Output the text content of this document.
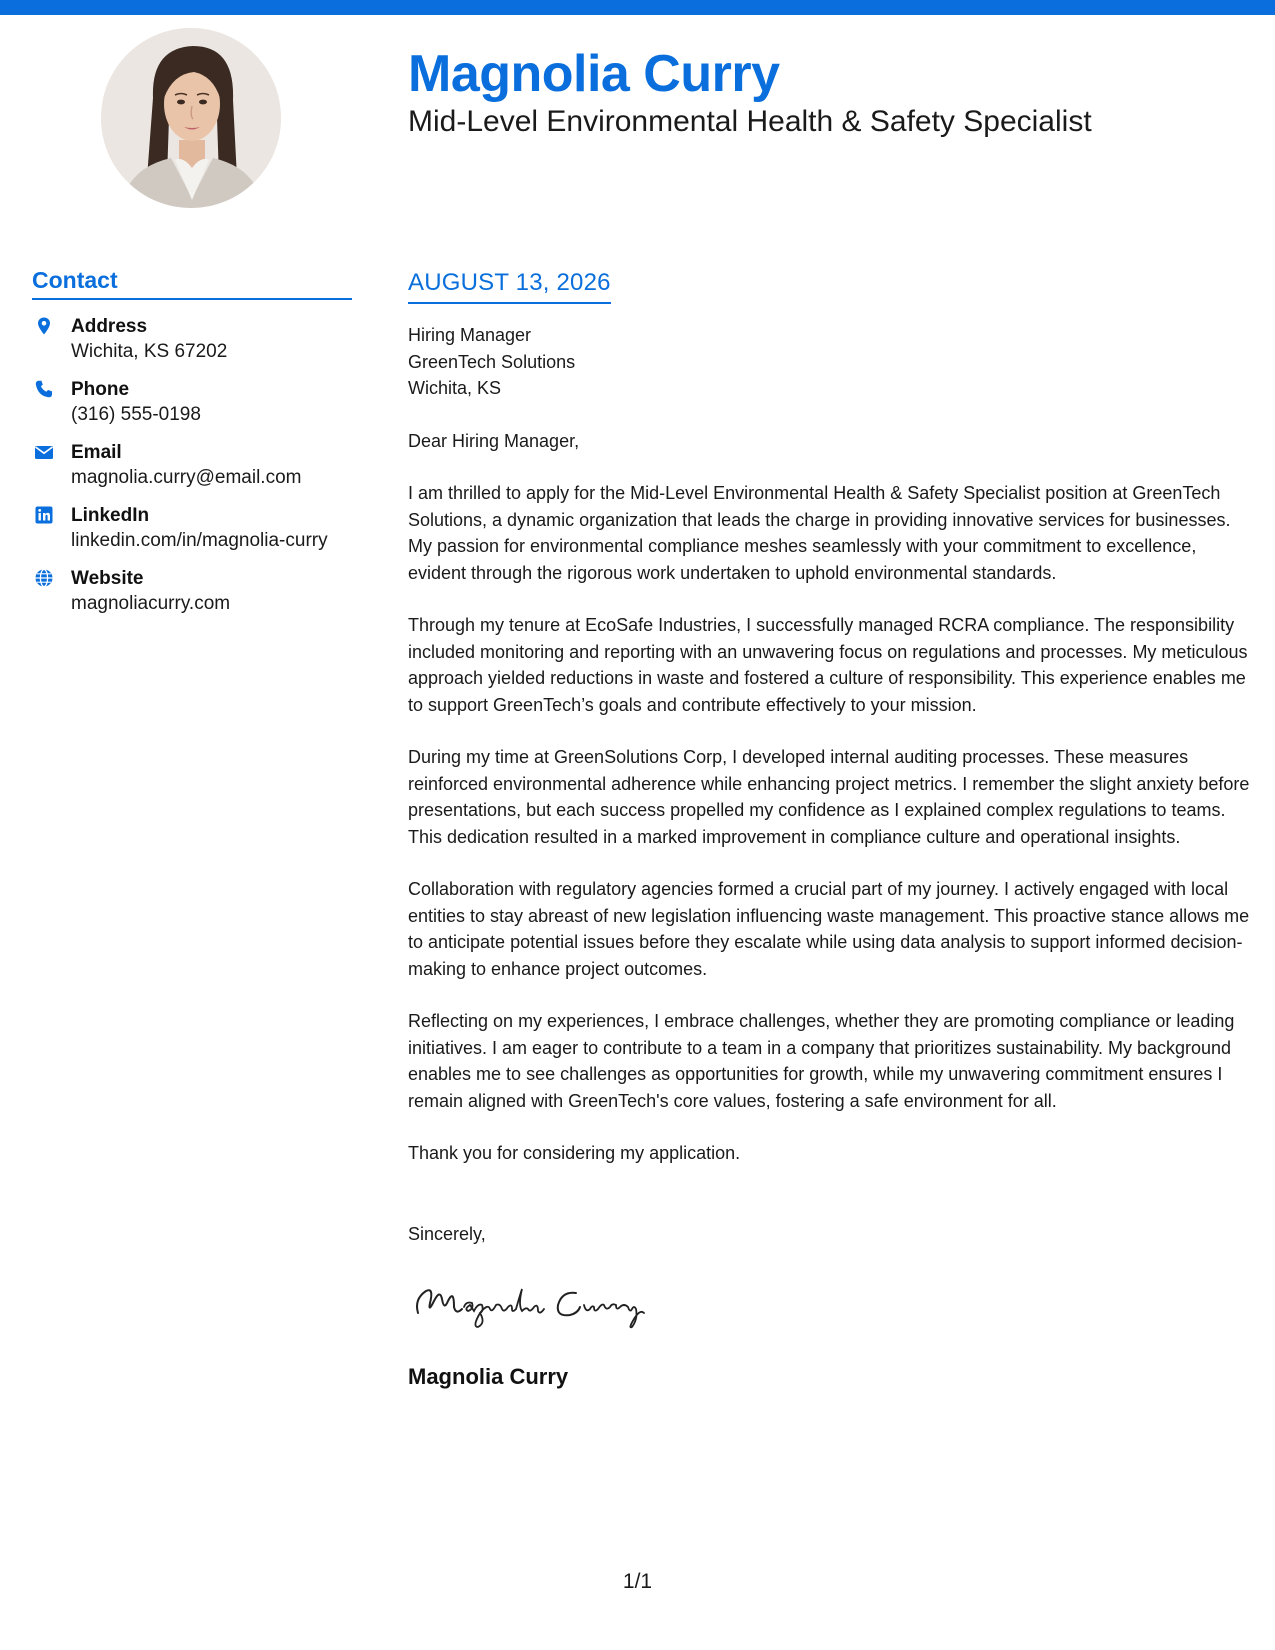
Magnolia Curry
Mid-Level Environmental Health & Safety Specialist
Contact
Address
Wichita, KS 67202
Phone
(316) 555-0198
Email
magnolia.curry@email.com
LinkedIn
linkedin.com/in/magnolia-curry
Website
magnoliacurry.com
AUGUST 13, 2026
Hiring Manager
GreenTech Solutions
Wichita, KS
Dear Hiring Manager,

I am thrilled to apply for the Mid-Level Environmental Health & Safety Specialist position at GreenTech Solutions, a dynamic organization that leads the charge in providing innovative services for businesses. My passion for environmental compliance meshes seamlessly with your commitment to excellence, evident through the rigorous work undertaken to uphold environmental standards.

Through my tenure at EcoSafe Industries, I successfully managed RCRA compliance. The responsibility included monitoring and reporting with an unwavering focus on regulations and processes. My meticulous approach yielded reductions in waste and fostered a culture of responsibility. This experience enables me to support GreenTech’s goals and contribute effectively to your mission.

During my time at GreenSolutions Corp, I developed internal auditing processes. These measures reinforced environmental adherence while enhancing project metrics. I remember the slight anxiety before presentations, but each success propelled my confidence as I explained complex regulations to teams. This dedication resulted in a marked improvement in compliance culture and operational insights.

Collaboration with regulatory agencies formed a crucial part of my journey. I actively engaged with local entities to stay abreast of new legislation influencing waste management. This proactive stance allows me to anticipate potential issues before they escalate while using data analysis to support informed decision-making to enhance project outcomes.

Reflecting on my experiences, I embrace challenges, whether they are promoting compliance or leading initiatives. I am eager to contribute to a team in a company that prioritizes sustainability. My background enables me to see challenges as opportunities for growth, while my unwavering commitment ensures I remain aligned with GreenTech's core values, fostering a safe environment for all.

Thank you for considering my application.

Sincerely,
Magnolia Curry
1/1
